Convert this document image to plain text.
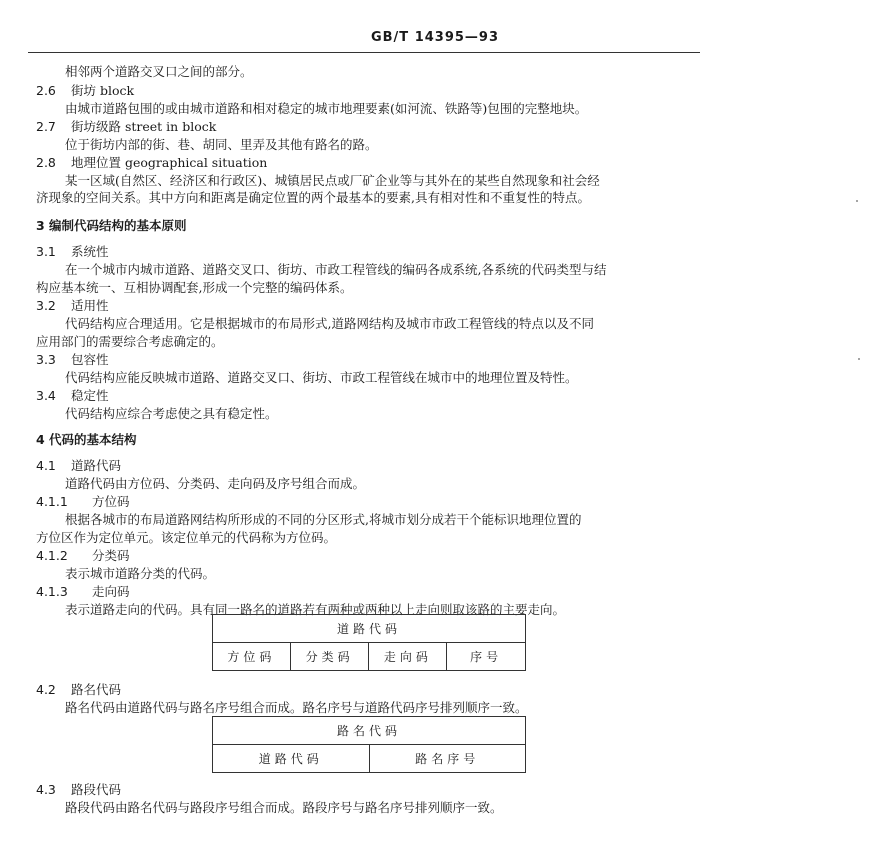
GB/T 14395—93
相邻两个道路交叉口之间的部分。
2.6 街坊 block
由城市道路包围的或由城市道路和相对稳定的城市地理要素(如河流、铁路等)包围的完整地块。
2.7 街坊级路 street in block
位于街坊内部的街、巷、胡同、里弄及其他有路名的路。
2.8 地理位置 geographical situation
某一区域(自然区、经济区和行政区)、城镇居民点或厂矿企业等与其外在的某些自然现象和社会经
济现象的空间关系。其中方向和距离是确定位置的两个最基本的要素,具有相对性和不重复性的特点。
3 编制代码结构的基本原则
3.1 系统性
在一个城市内城市道路、道路交叉口、街坊、市政工程管线的编码各成系统,各系统的代码类型与结
构应基本统一、互相协调配套,形成一个完整的编码体系。
3.2 适用性
代码结构应合理适用。它是根据城市的布局形式,道路网结构及城市市政工程管线的特点以及不同
应用部门的需要综合考虑确定的。
3.3 包容性
代码结构应能反映城市道路、道路交叉口、街坊、市政工程管线在城市中的地理位置及特性。
3.4 稳定性
代码结构应综合考虑使之具有稳定性。
4 代码的基本结构
4.1 道路代码
道路代码由方位码、分类码、走向码及序号组合而成。
4.1.1 方位码
根据各城市的布局道路网结构所形成的不同的分区形式,将城市划分成若干个能标识地理位置的
方位区作为定位单元。该定位单元的代码称为方位码。
4.1.2 分类码
表示城市道路分类的代码。
4.1.3 走向码
表示道路走向的代码。具有同一路名的道路若有两种或两种以上走向则取该路的主要走向。
道路代码
方位码	分类码	走向码	序号
4.2 路名代码
路名代码由道路代码与路名序号组合而成。路名序号与道路代码序号排列顺序一致。
路名代码
道路代码	路名序号
4.3 路段代码
路段代码由路名代码与路段序号组合而成。路段序号与路名序号排列顺序一致。
